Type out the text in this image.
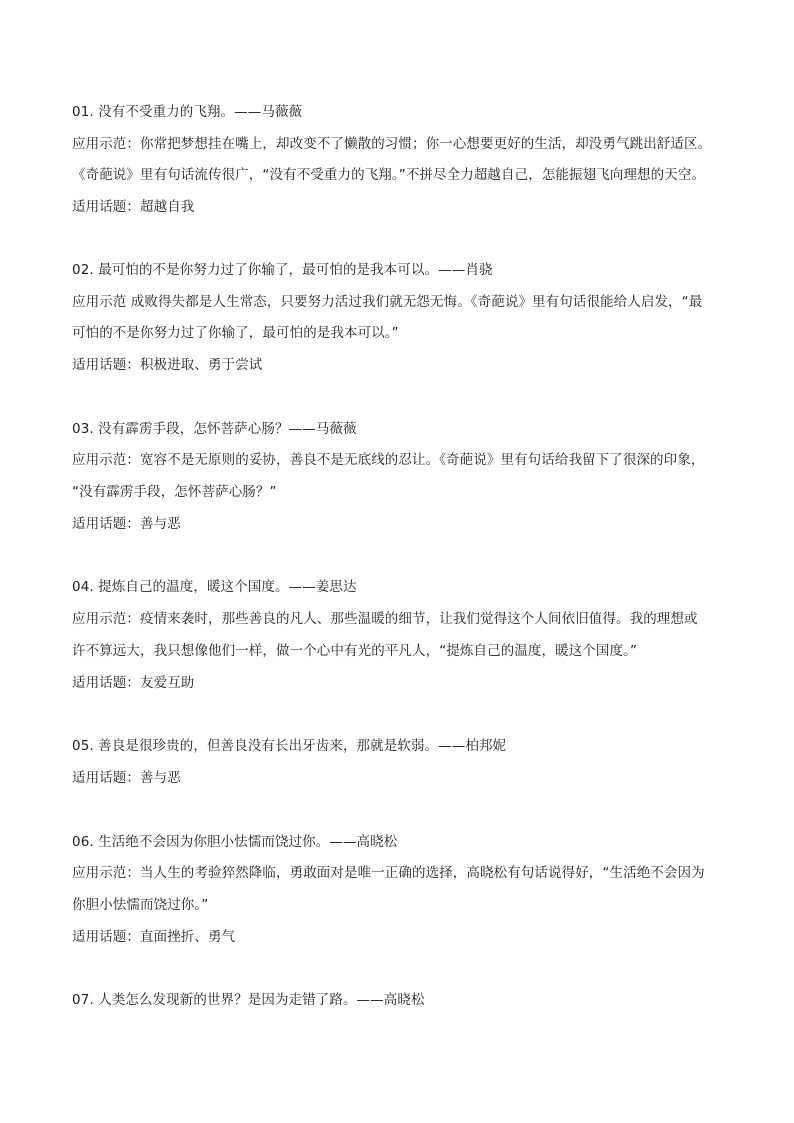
01. 没有不受重力的飞翔。——马薇薇
应用示范：你常把梦想挂在嘴上，却改变不了懒散的习惯；你一心想要更好的生活，却没勇气跳出舒适区。
《奇葩说》里有句话流传很广，“没有不受重力的飞翔。”不拼尽全力超越自己，怎能振翅飞向理想的天空。
适用话题：超越自我
02. 最可怕的不是你努力过了你输了，最可怕的是我本可以。——肖骁
应用示范 成败得失都是人生常态，只要努力活过我们就无怨无悔。《奇葩说》里有句话很能给人启发，“最
可怕的不是你努力过了你输了，最可怕的是我本可以。”
适用话题：积极进取、勇于尝试
03. 没有霹雳手段，怎怀菩萨心肠？——马薇薇
应用示范：宽容不是无原则的妥协，善良不是无底线的忍让。《奇葩说》里有句话给我留下了很深的印象，
“没有霹雳手段，怎怀菩萨心肠？”
适用话题：善与恶
04. 提炼自己的温度，暖这个国度。——姜思达
应用示范：疫情来袭时，那些善良的凡人、那些温暖的细节，让我们觉得这个人间依旧值得。我的理想或
许不算远大，我只想像他们一样，做一个心中有光的平凡人，“提炼自己的温度，暖这个国度。”
适用话题：友爱互助
05. 善良是很珍贵的，但善良没有长出牙齿来，那就是软弱。——柏邦妮
适用话题：善与恶
06. 生活绝不会因为你胆小怯懦而饶过你。——高晓松
应用示范：当人生的考验猝然降临，勇敢面对是唯一正确的选择，高晓松有句话说得好，“生活绝不会因为
你胆小怯懦而饶过你。”
适用话题：直面挫折、勇气
07. 人类怎么发现新的世界？是因为走错了路。——高晓松
